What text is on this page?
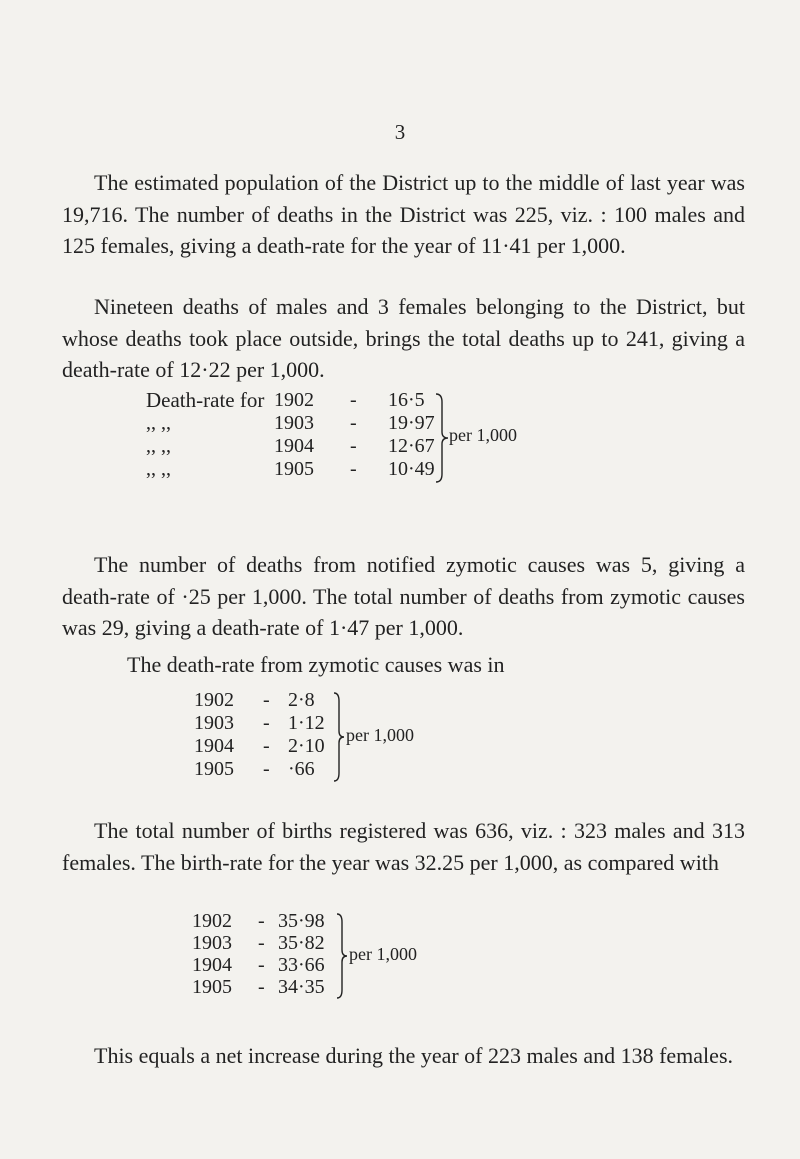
3

The estimated population of the District up to the middle of last year was 19,716. The number of deaths in the District was 225, viz. : 100 males and 125 females, giving a death-rate for the year of 11·41 per 1,000.

Nineteen deaths of males and 3 females belonging to the District, but whose deaths took place outside, brings the total deaths up to 241, giving a death-rate of 12·22 per 1,000.

Death-rate for 1902 - 16·5
,, ,,	1903 - 19·97
,, ,,	1904 - 12·67
,, ,,	1905 - 10·49
per 1,000

The number of deaths from notified zymotic causes was 5, giving a death-rate of ·25 per 1,000. The total number of deaths from zymotic causes was 29, giving a death-rate of 1·47 per 1,000.

The death-rate from zymotic causes was in
1902 - 2·8
1903 - 1·12
1904 - 2·10
1905 - ·66
per 1,000

The total number of births registered was 636, viz. : 323 males and 313 females. The birth-rate for the year was 32.25 per 1,000, as compared with

1902 - 35·98
1903 - 35·82
1904 - 33·66
1905 - 34·35
per 1,000

This equals a net increase during the year of 223 males and 138 females.
